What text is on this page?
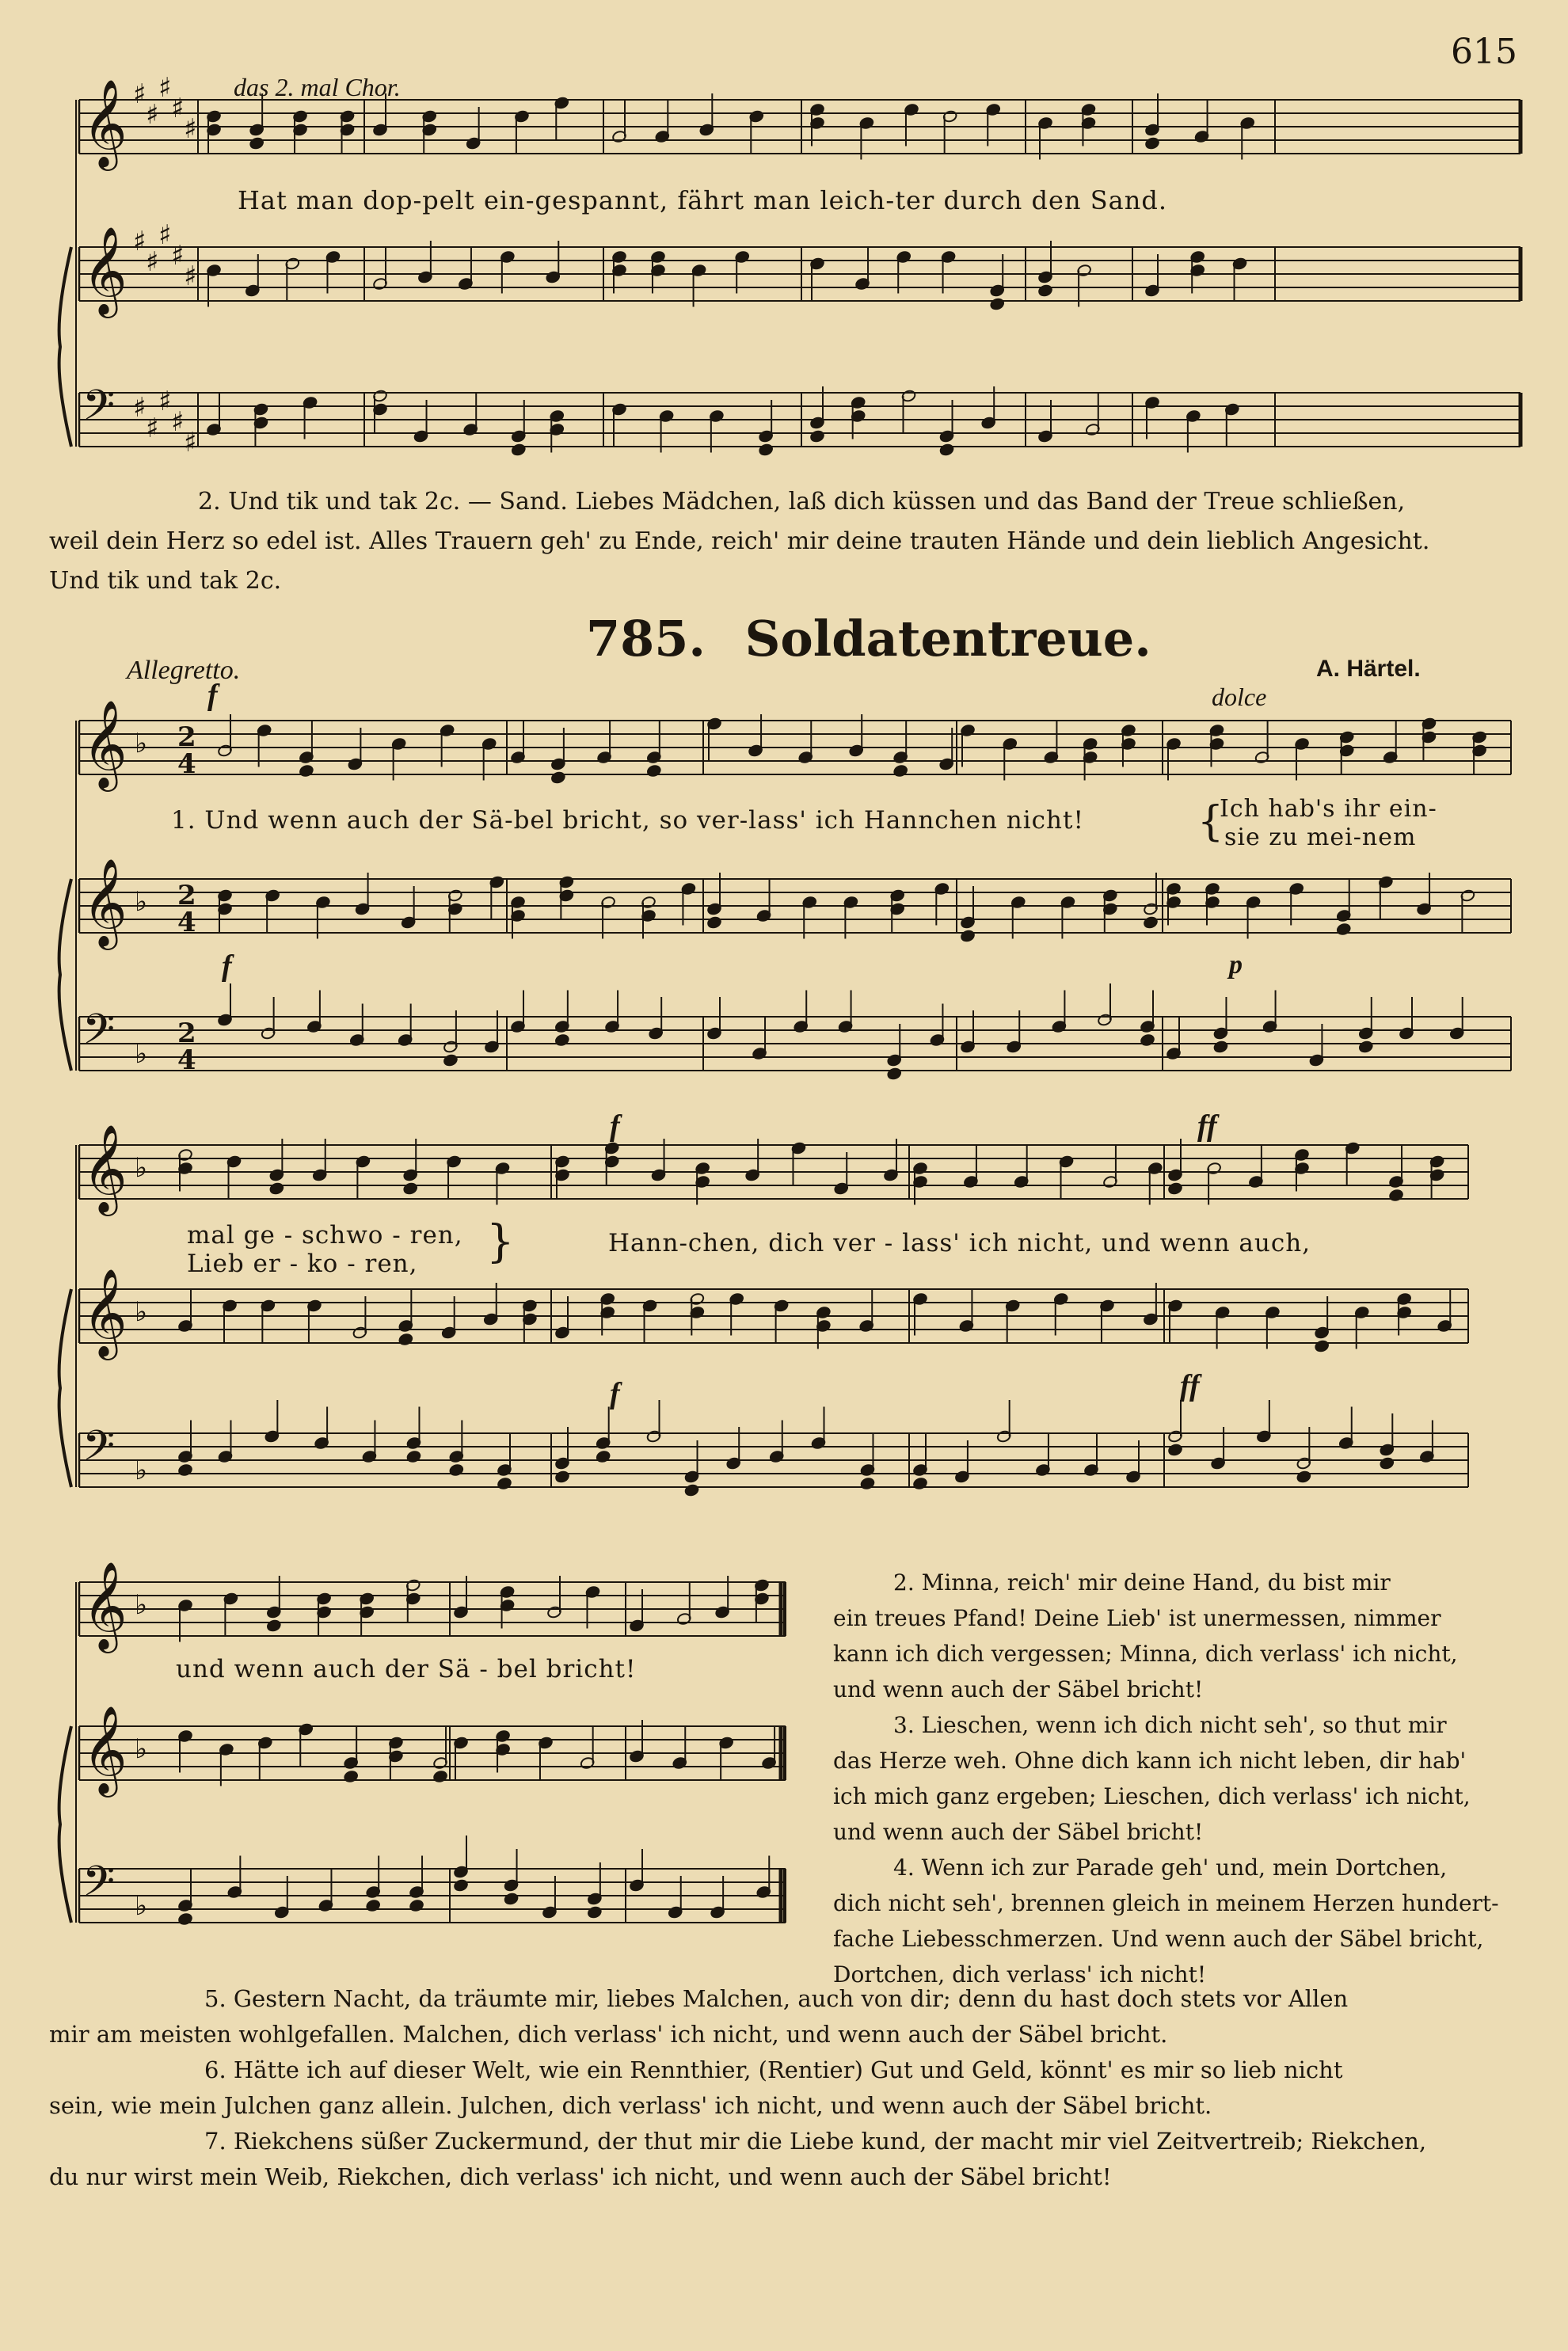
𝄞 ♯
♯
♯
♯
♯
𝄞 ♯
♯
♯
♯
♯
𝄢 ♯
♯
♯
♯
♯
𝄞 ♭ 2
4
𝄞 ♭ 2
4
𝄢 ♭
2
4
𝄞 ♭
𝄞 ♭
𝄢 ♭
𝄞 ♭
𝄞 ♭
𝄢 ♭
615
das 2. mal Chor.
Hat man dop-pelt ein-gespannt, fährt man leich-ter durch den Sand.
2. Und tik und tak 2c. — Sand. Liebes Mädchen, laß dich küssen und das Band der Treue schließen,
weil dein Herz so edel ist. Alles Trauern geh' zu Ende, reich' mir deine trauten Hände und dein lieblich Angesicht.
Und tik und tak 2c.
785. Soldatentreue.
Allegretto.	A. Härtel.
f	dolce
1. Und wenn auch der Sä-bel bricht, so ver-lass' ich Hannchen nicht!	{
Ich hab's ihr ein-
sie zu mei-nem
f	p
mal ge - schwo - ren,
Lieb er - ko - ren, }	Hann-chen, dich ver - lass' ich nicht, und wenn auch,
f	ff
f	ff
und wenn auch der Sä - bel bricht!
2. Minna, reich' mir deine Hand, du bist mir
ein treues Pfand! Deine Lieb' ist unermessen, nimmer
kann ich dich vergessen; Minna, dich verlass' ich nicht,
und wenn auch der Säbel bricht!
3. Lieschen, wenn ich dich nicht seh', so thut mir
das Herze weh. Ohne dich kann ich nicht leben, dir hab'
ich mich ganz ergeben; Lieschen, dich verlass' ich nicht,
und wenn auch der Säbel bricht!
4. Wenn ich zur Parade geh' und, mein Dortchen,
dich nicht seh', brennen gleich in meinem Herzen hundert-
fache Liebesschmerzen. Und wenn auch der Säbel bricht,
Dortchen, dich verlass' ich nicht!
5. Gestern Nacht, da träumte mir, liebes Malchen, auch von dir; denn du hast doch stets vor Allen
mir am meisten wohlgefallen. Malchen, dich verlass' ich nicht, und wenn auch der Säbel bricht.
6. Hätte ich auf dieser Welt, wie ein Rennthier, (Rentier) Gut und Geld, könnt' es mir so lieb nicht
sein, wie mein Julchen ganz allein. Julchen, dich verlass' ich nicht, und wenn auch der Säbel bricht.
7. Riekchens süßer Zuckermund, der thut mir die Liebe kund, der macht mir viel Zeitvertreib; Riekchen,
du nur wirst mein Weib, Riekchen, dich verlass' ich nicht, und wenn auch der Säbel bricht!
